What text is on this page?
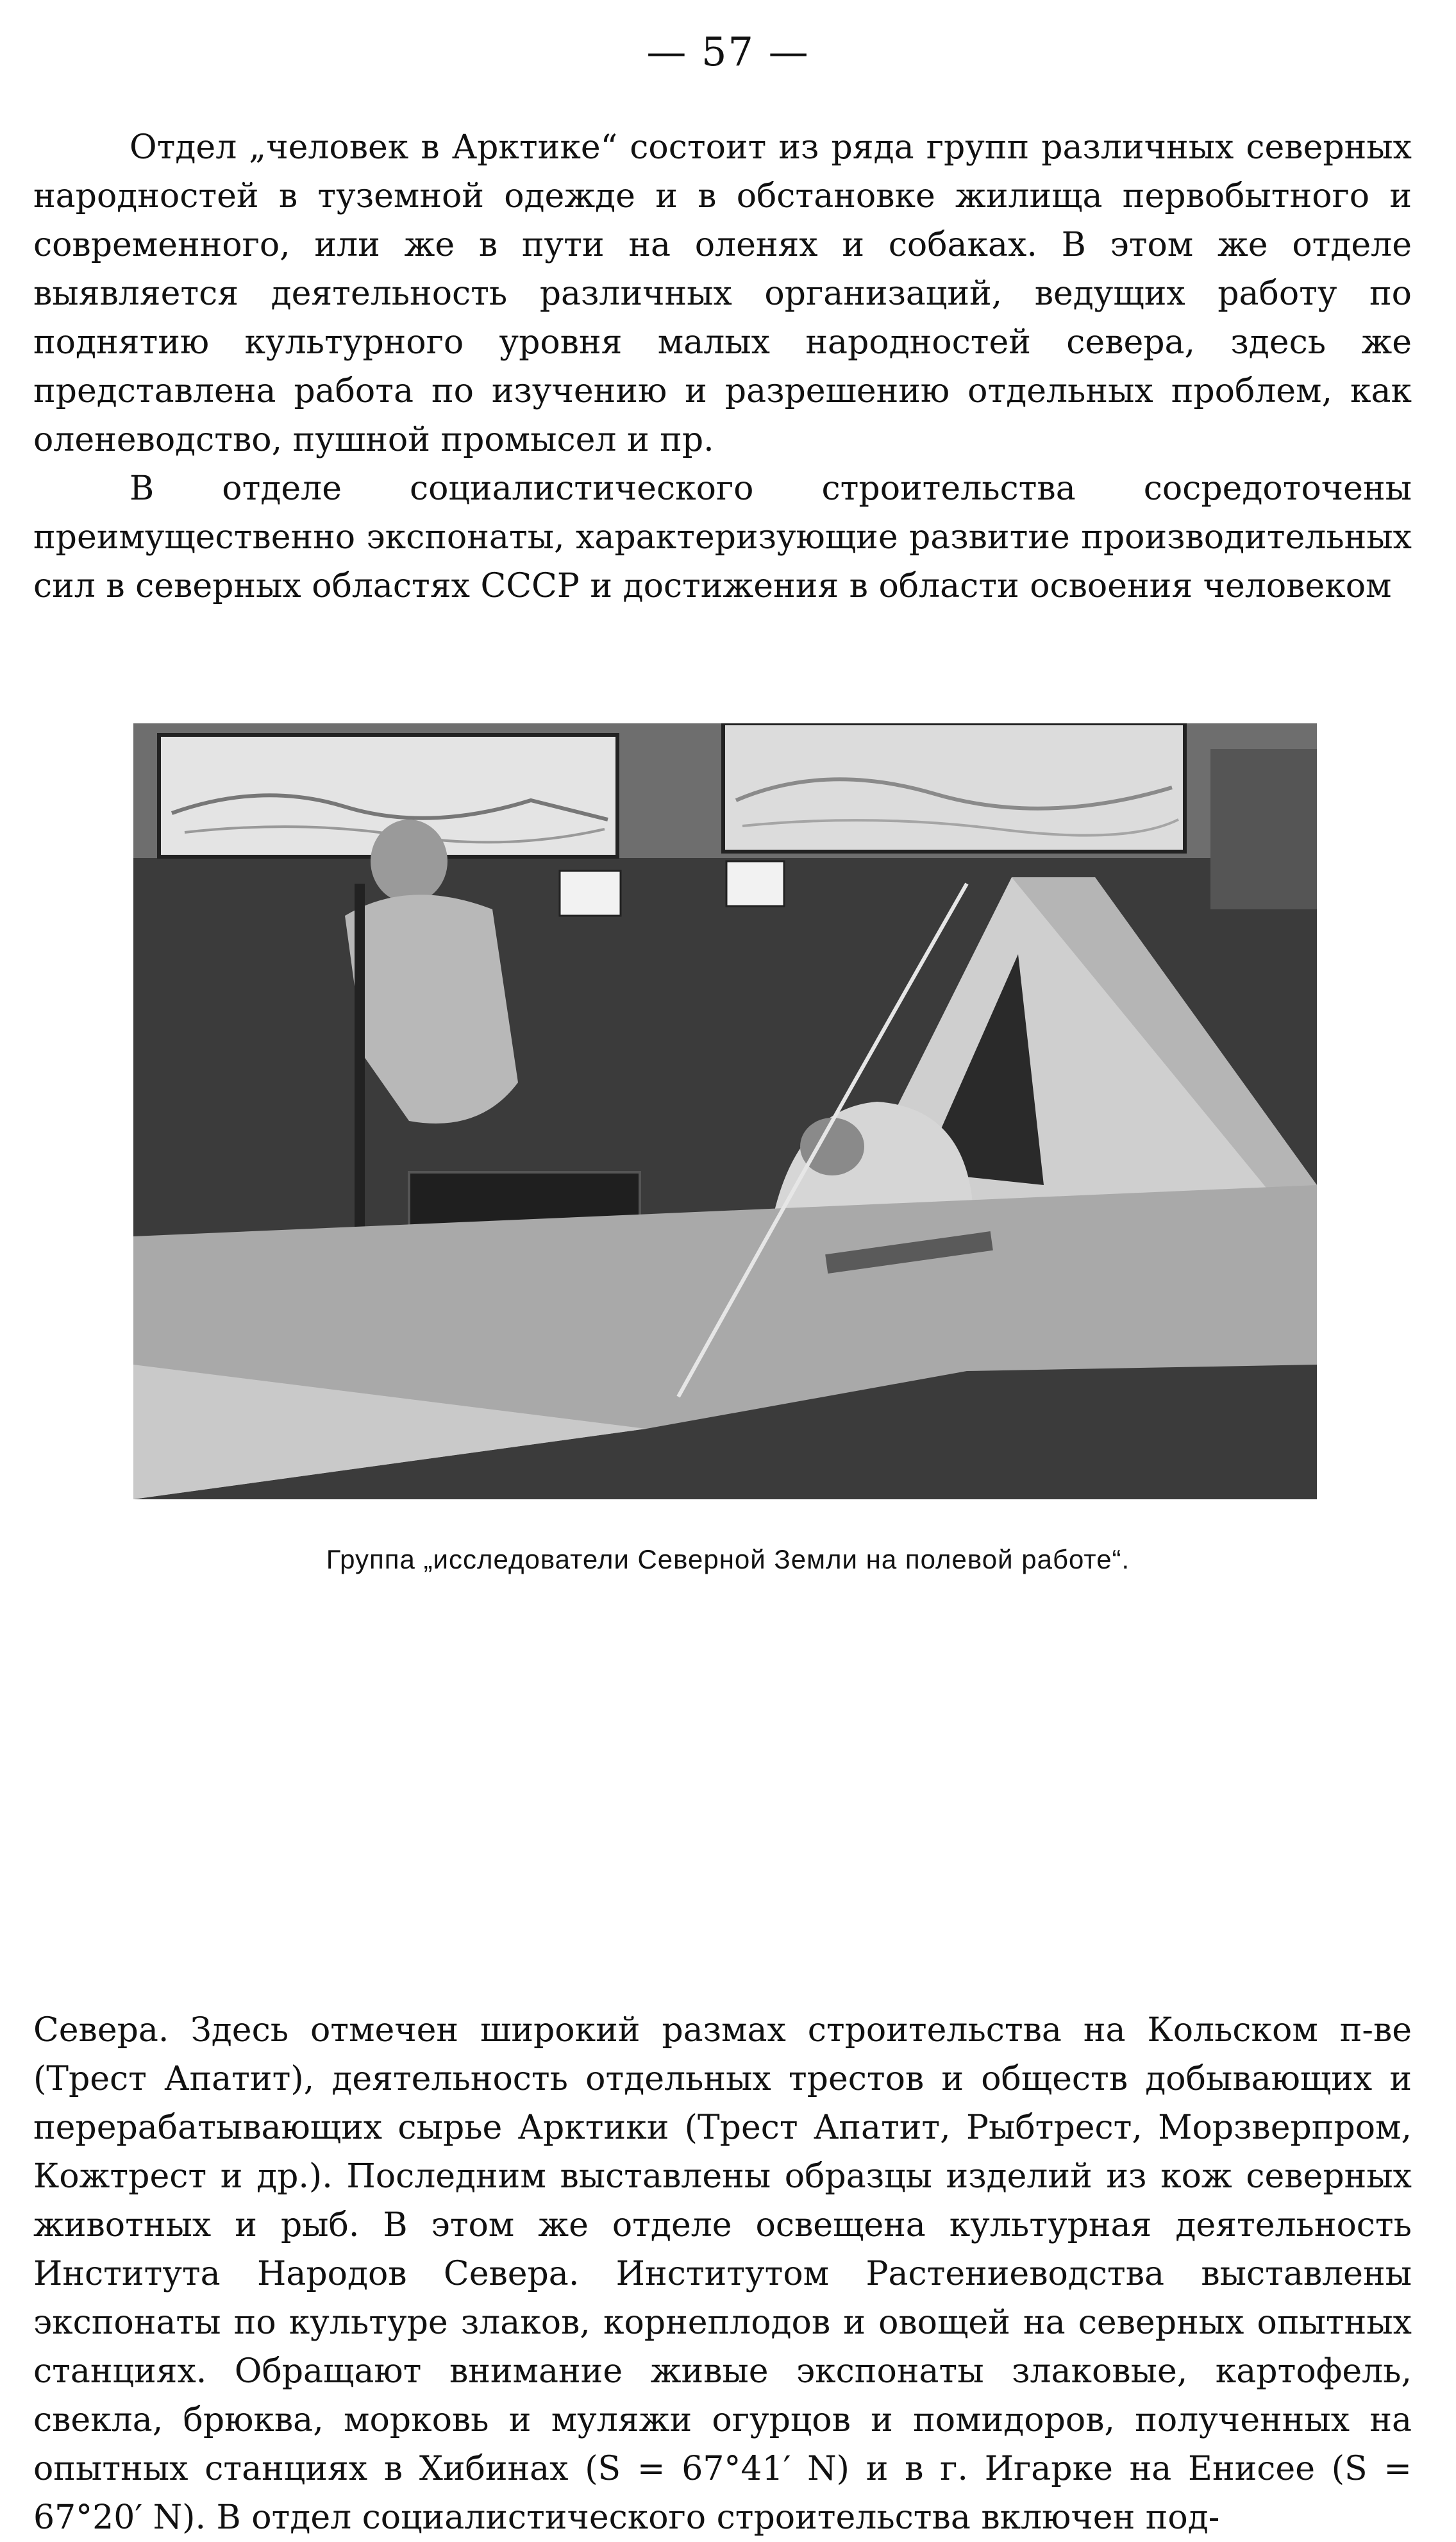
— 57 —

Отдел „человек в Арктике“ состоит из ряда групп различных северных народностей в туземной одежде и в обстановке жилища первобытного и современного, или же в пути на оленях и собаках. В этом же отделе выявляется деятельность различных организаций, ведущих работу по поднятию культурного уровня малых народностей севера, здесь же представлена работа по изучению и разрешению отдельных проблем, как оленеводство, пушной промысел и пр.

В отделе социалистического строительства сосредоточены преимущественно экспонаты, характеризующие развитие производительных сил в северных областях СССР и достижения в области освоения человеком

Группа „исследователи Северной Земли на полевой работе“.

Севера. Здесь отмечен широкий размах строительства на Кольском п-ве (Трест Апатит), деятельность отдельных трестов и обществ добывающих и перерабатывающих сырье Арктики (Трест Апатит, Рыбтрест, Морзверпром, Кожтрест и др.). Последним выставлены образцы изделий из кож северных животных и рыб. В этом же отделе освещена культурная деятельность Института Народов Севера. Институтом Растениеводства выставлены экспонаты по культуре злаков, корнеплодов и овощей на северных опытных станциях. Обращают внимание живые экспонаты злаковые, картофель, свекла, брюква, морковь и муляжи огурцов и помидоров, полученных на опытных станциях в Хибинах (S = 67°41′ N) и в г. Игарке на Енисее (S = 67°20′ N). В отдел социалистического строительства включен под-
